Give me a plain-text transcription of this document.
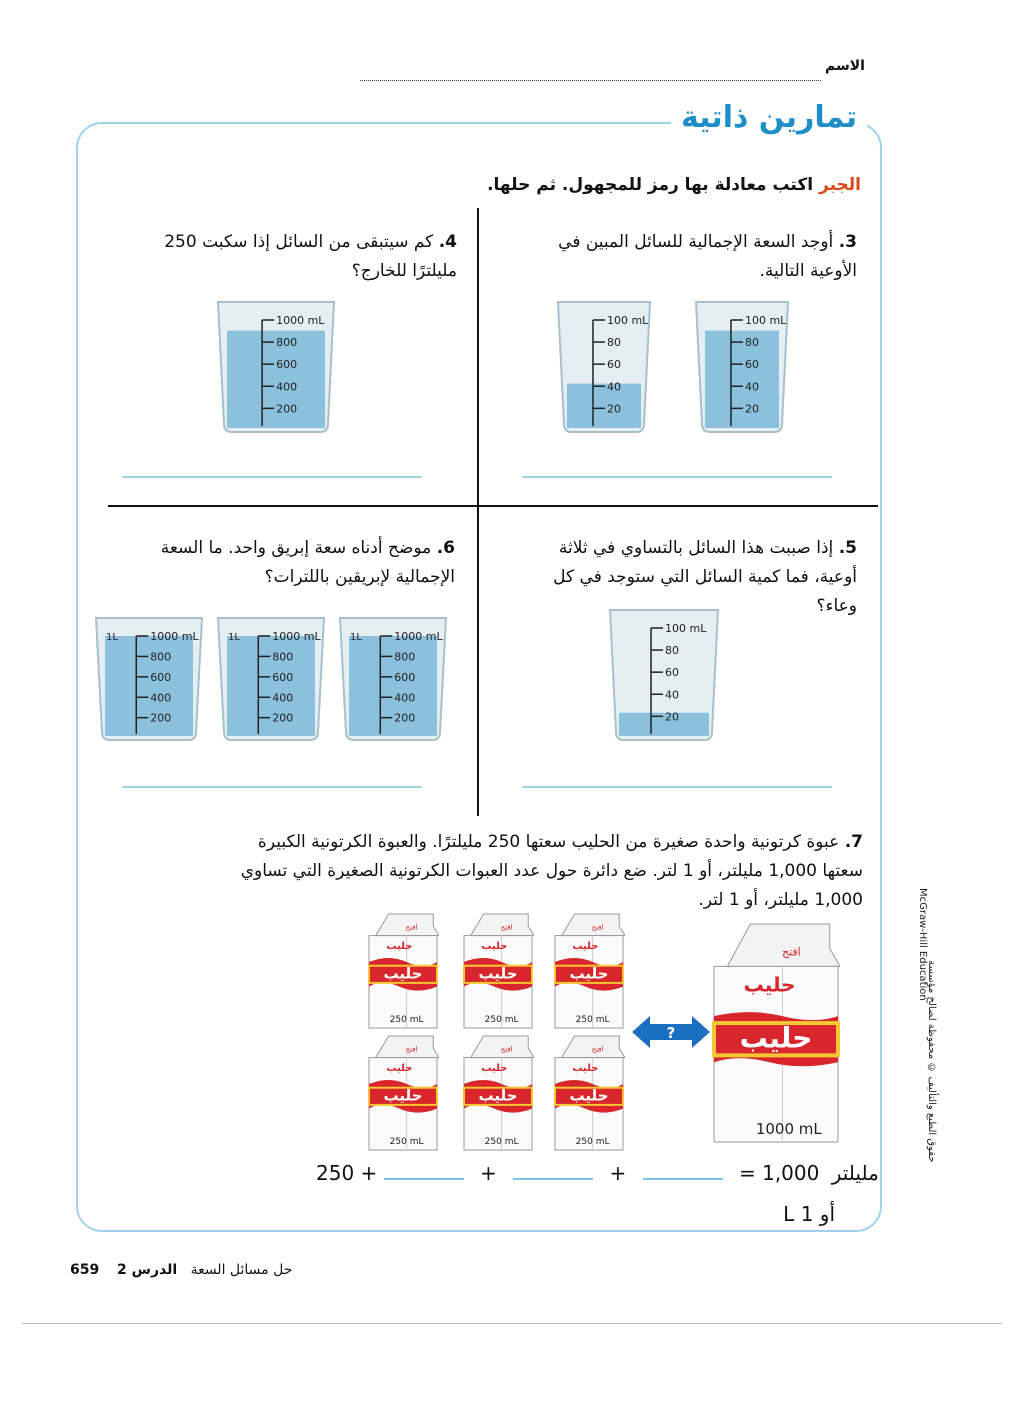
الاسم
تمارين ذاتية
الجبر اكتب معادلة بها رمز للمجهول. ثم حلها.
3. أوجد السعة الإجمالية للسائل المبين في الأوعية التالية.
100 mL
80
60
40
20
100 mL
80
60
40
20
4. كم سيتبقى من السائل إذا سكبت 250 مليلترًا للخارج؟
1000 mL
800
600
400
200
5. إذا صببت هذا السائل بالتساوي في ثلاثة أوعية، فما كمية السائل التي ستوجد في كل وعاء؟
100 mL
80
60
40
20
6. موضح أدناه سعة إبريق واحد. ما السعة الإجمالية لإبريقين باللترات؟
1000 mL
800
600
400
200
1L	1000 mL
800
600
400
200
1L	1000 mL
800
600
400
200
1L
7. عبوة كرتونية واحدة صغيرة من الحليب سعتها 250 مليلترًا. والعبوة الكرتونية الكبيرة
سعتها 1,000 مليلتر، أو 1 لتر. ضع دائرة حول عدد العبوات الكرتونية الصغيرة التي تساوي
1,000 مليلتر، أو 1 لتر.
حليب
افتح
حليب
250 mL
حليب
افتح
حليب
250 mL
حليب
افتح
حليب
250 mL
حليب
افتح
حليب
250 mL
حليب
افتح
حليب
250 mL
حليب
افتح
حليب
250 mL
حليب
افتح
حليب
1000 mL
?
250 +	+	+	= 1,000 مليلتر
أو 1 L
McGraw-Hill Education
حقوق الطبع والتأليف © محفوظة لصالح مؤسسة
659	حل مسائل السعة   الدرس 2
